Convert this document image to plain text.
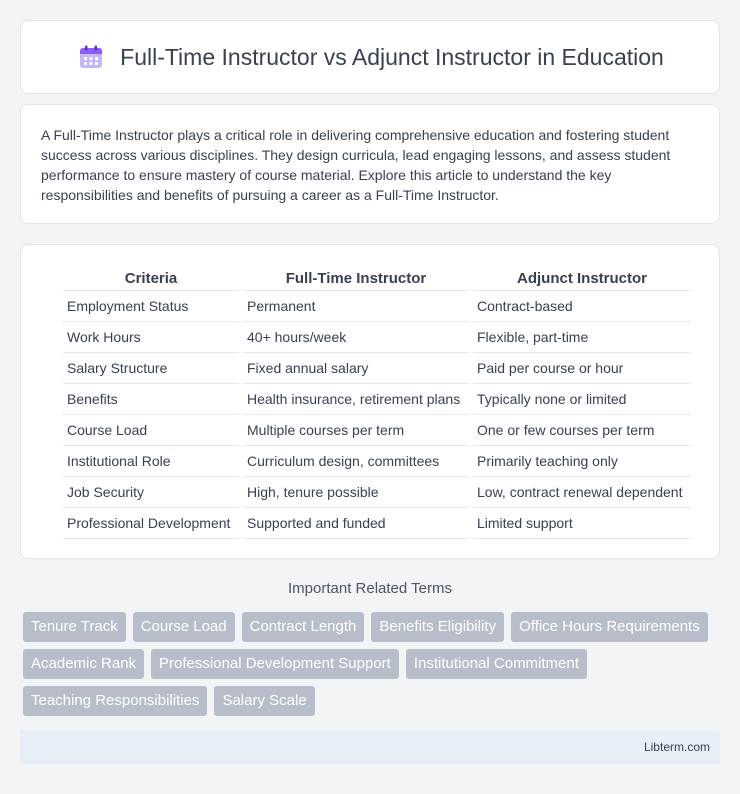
Full-Time Instructor vs Adjunct Instructor in Education

A Full-Time Instructor plays a critical role in delivering comprehensive education and fostering student success across various disciplines. They design curricula, lead engaging lessons, and assess student performance to ensure mastery of course material. Explore this article to understand the key responsibilities and benefits of pursuing a career as a Full-Time Instructor.

Criteria	Full-Time Instructor	Adjunct Instructor
Employment Status	Permanent	Contract-based
Work Hours	40+ hours/week	Flexible, part-time
Salary Structure	Fixed annual salary	Paid per course or hour
Benefits	Health insurance, retirement plans	Typically none or limited
Course Load	Multiple courses per term	One or few courses per term
Institutional Role	Curriculum design, committees	Primarily teaching only
Job Security	High, tenure possible	Low, contract renewal dependent
Professional Development	Supported and funded	Limited support
Important Related Terms
Tenure Track	Course Load	Contract Length	Benefits Eligibility	Office Hours Requirements
Academic Rank	Professional Development Support	Institutional Commitment
Teaching Responsibilities	Salary Scale
Libterm.com
